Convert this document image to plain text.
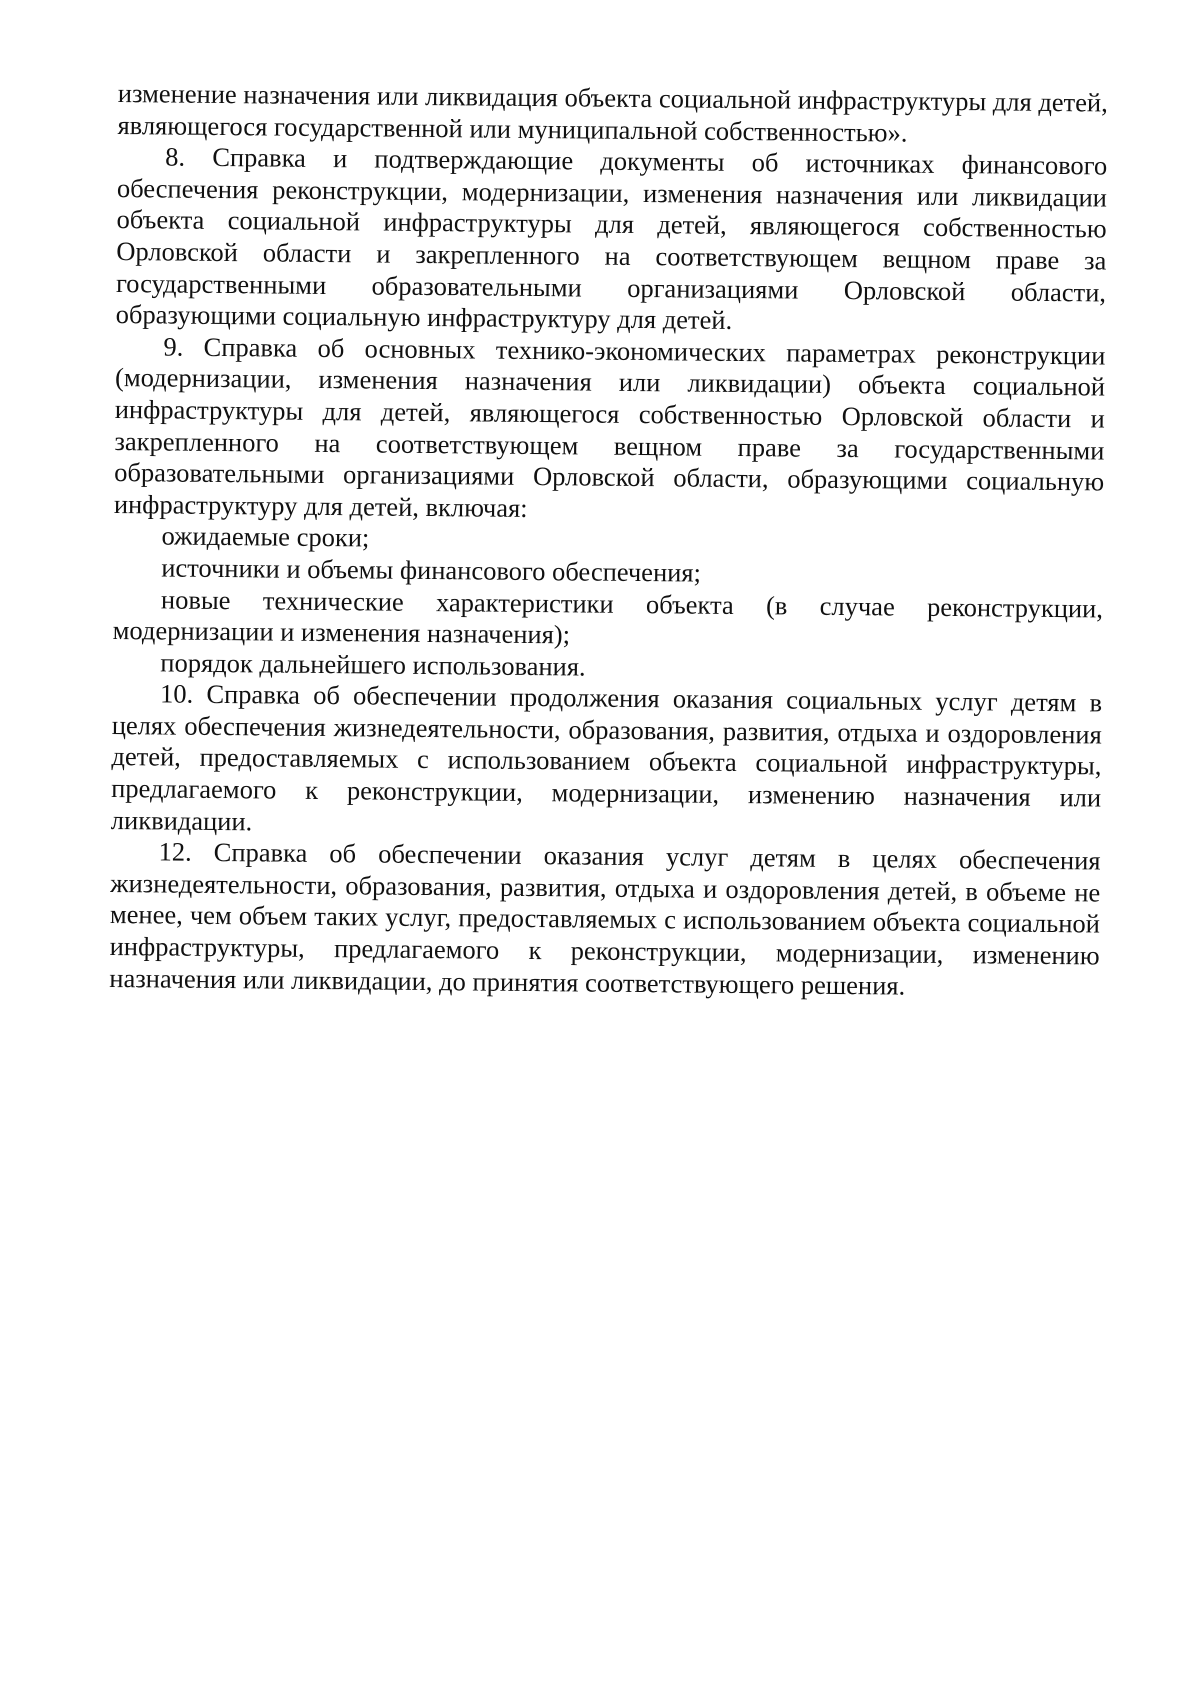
изменение назначения или ликвидация объекта социальной инфраструктуры для детей, являющегося государственной или муниципальной собственностью».

8. Справка и подтверждающие документы об источниках финансового обеспечения реконструкции, модернизации, изменения назначения или ликвидации объекта социальной инфраструктуры для детей, являющегося собственностью Орловской области и закрепленного на соответствующем вещном праве за государственными образовательными организациями Орловской области, образующими социальную инфраструктуру для детей.

9. Справка об основных технико-экономических параметрах реконструкции (модернизации, изменения назначения или ликвидации) объекта социальной инфраструктуры для детей, являющегося собственностью Орловской области и закрепленного на соответствующем вещном праве за государственными образовательными организациями Орловской области, образующими социальную инфраструктуру для детей, включая:

ожидаемые сроки;

источники и объемы финансового обеспечения;

новые технические характеристики объекта (в случае реконструкции, модернизации и изменения назначения);

порядок дальнейшего использования.

10. Справка об обеспечении продолжения оказания социальных услуг детям в целях обеспечения жизнедеятельности, образования, развития, отдыха и оздоровления детей, предоставляемых с использованием объекта социальной инфраструктуры, предлагаемого к реконструкции, модернизации, изменению назначения или ликвидации.

12. Справка об обеспечении оказания услуг детям в целях обеспечения жизнедеятельности, образования, развития, отдыха и оздоровления детей, в объеме не менее, чем объем таких услуг, предоставляемых с использованием объекта социальной инфраструктуры, предлагаемого к реконструкции, модернизации, изменению назначения или ликвидации, до принятия соответствующего решения.
